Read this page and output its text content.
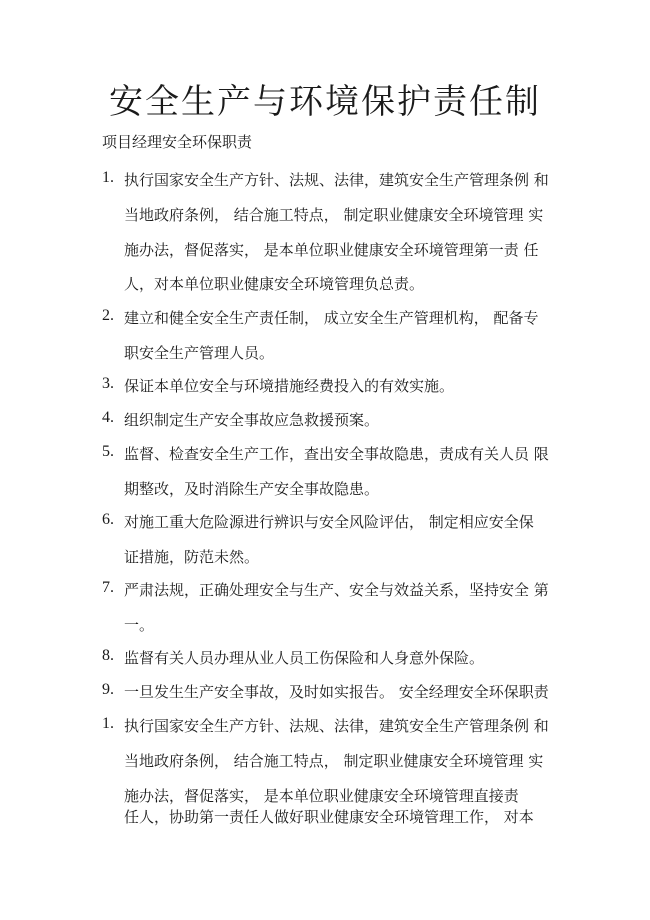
安全生产与环境保护责任制

项目经理安全环保职责

1. 执行国家安全生产方针、法规、法律，建筑安全生产管理条例 和
当地政府条例， 结合施工特点， 制定职业健康安全环境管理 实
施办法，督促落实， 是本单位职业健康安全环境管理第一责 任
人，对本单位职业健康安全环境管理负总责。
2. 建立和健全安全生产责任制， 成立安全生产管理机构， 配备专
职安全生产管理人员。
3. 保证本单位安全与环境措施经费投入的有效实施。
4. 组织制定生产安全事故应急救援预案。
5. 监督、检查安全生产工作，查出安全事故隐患，责成有关人员 限
期整改，及时消除生产安全事故隐患。
6. 对施工重大危险源进行辨识与安全风险评估， 制定相应安全保
证措施，防范未然。
7. 严肃法规，正确处理安全与生产、安全与效益关系，坚持安全 第
一。
8. 监督有关人员办理从业人员工伤保险和人身意外保险。
9. 一旦发生生产安全事故，及时如实报告。 安全经理安全环保职责
1. 执行国家安全生产方针、法规、法律，建筑安全生产管理条例 和
当地政府条例， 结合施工特点， 制定职业健康安全环境管理 实
施办法，督促落实， 是本单位职业健康安全环境管理直接责
任人，协助第一责任人做好职业健康安全环境管理工作， 对本
